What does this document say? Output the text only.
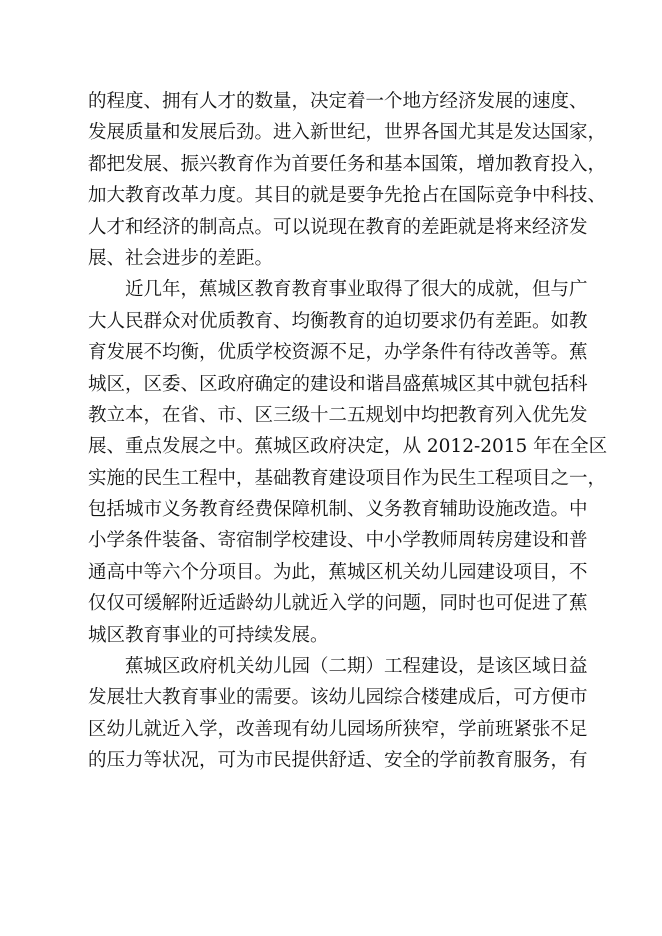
的程度、拥有人才的数量，决定着一个地方经济发展的速度、
发展质量和发展后劲。进入新世纪，世界各国尤其是发达国家，
都把发展、振兴教育作为首要任务和基本国策，增加教育投入，
加大教育改革力度。其目的就是要争先抢占在国际竞争中科技、
人才和经济的制高点。可以说现在教育的差距就是将来经济发
展、社会进步的差距。
近几年，蕉城区教育教育事业取得了很大的成就，但与广
大人民群众对优质教育、均衡教育的迫切要求仍有差距。如教
育发展不均衡，优质学校资源不足，办学条件有待改善等。蕉
城区，区委、区政府确定的建设和谐昌盛蕉城区其中就包括科
教立本，在省、市、区三级十二五规划中均把教育列入优先发
展、重点发展之中。蕉城区政府决定，从 2012-2015 年在全区
实施的民生工程中，基础教育建设项目作为民生工程项目之一，
包括城市义务教育经费保障机制、义务教育辅助设施改造。中
小学条件装备、寄宿制学校建设、中小学教师周转房建设和普
通高中等六个分项目。为此，蕉城区机关幼儿园建设项目，不
仅仅可缓解附近适龄幼儿就近入学的问题，同时也可促进了蕉
城区教育事业的可持续发展。
蕉城区政府机关幼儿园（二期）工程建设，是该区域日益
发展壮大教育事业的需要。该幼儿园综合楼建成后，可方便市
区幼儿就近入学，改善现有幼儿园场所狭窄，学前班紧张不足
的压力等状况，可为市民提供舒适、安全的学前教育服务，有
